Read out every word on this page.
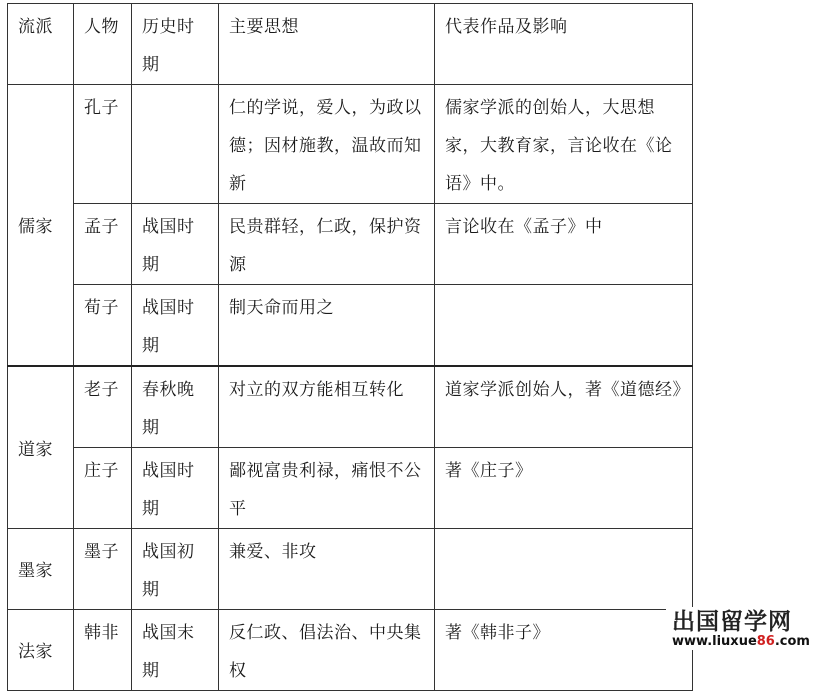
流派	人物	历史时期	主要思想	代表作品及影响
儒家	孔子		仁的学说，爱人，为政以德；因材施教，温故而知新	儒家学派的创始人，大思想家，大教育家，言论收在《论语》中。
	孟子	战国时期	民贵群轻，仁政，保护资源	言论收在《孟子》中
	荀子	战国时期	制天命而用之	
道家	老子	春秋晚期	对立的双方能相互转化	道家学派创始人，著《道德经》
	庄子	战国时期	鄙视富贵利禄，痛恨不公平	著《庄子》
墨家	墨子	战国初期	兼爱、非攻	
法家	韩非	战国末期	反仁政、倡法治、中央集权	著《韩非子》	出国留学网
www.liuxue86.com
